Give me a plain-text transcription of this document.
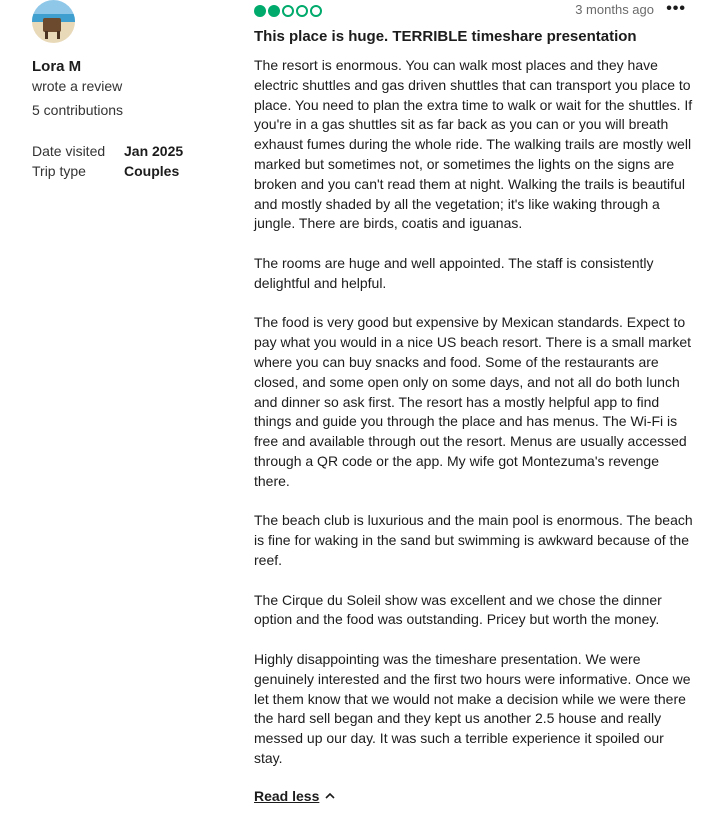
Lora M
wrote a review
5 contributions
Date visited Jan 2025
Trip type	Couples
3 months ago •••
This place is huge. TERRIBLE timeshare presentation

The resort is enormous. You can walk most places and they have electric shuttles and gas driven shuttles that can transport you place to place. You need to plan the extra time to walk or wait for the shuttles. If you're in a gas shuttles sit as far back as you can or you will breath exhaust fumes during the whole ride. The walking trails are mostly well marked but sometimes not, or sometimes the lights on the signs are broken and you can't read them at night. Walking the trails is beautiful and mostly shaded by all the vegetation; it's like waking through a jungle. There are birds, coatis and iguanas.

The rooms are huge and well appointed. The staff is consistently delightful and helpful.

The food is very good but expensive by Mexican standards. Expect to pay what you would in a nice US beach resort. There is a small market where you can buy snacks and food. Some of the restaurants are closed, and some open only on some days, and not all do both lunch and dinner so ask first. The resort has a mostly helpful app to find things and guide you through the place and has menus. The Wi-Fi is free and available through out the resort. Menus are usually accessed through a QR code or the app. My wife got Montezuma's revenge there.

The beach club is luxurious and the main pool is enormous. The beach is fine for waking in the sand but swimming is awkward because of the reef.

The Cirque du Soleil show was excellent and we chose the dinner option and the food was outstanding. Pricey but worth the money.

Highly disappointing was the timeshare presentation. We were genuinely interested and the first two hours were informative. Once we let them know that we would not make a decision while we were there the hard sell began and they kept us another 2.5 house and really messed up our day. It was such a terrible experience it spoiled our stay.

Read less
